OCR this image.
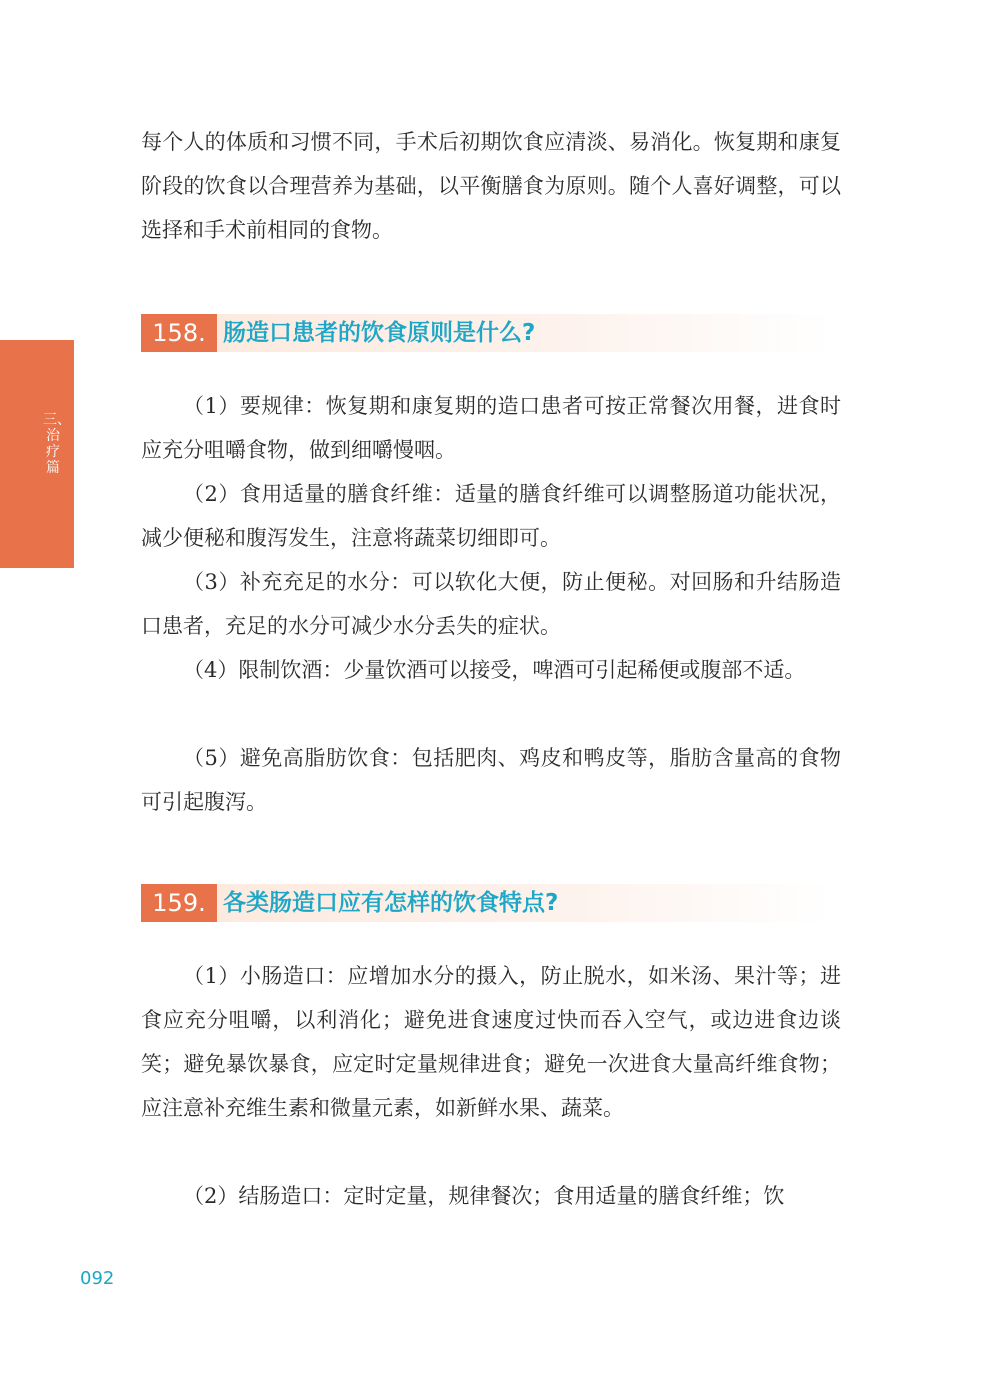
三、治疗篇

每个人的体质和习惯不同，手术后初期饮食应清淡、易消化。恢复期和康复阶段的饮食以合理营养为基础，以平衡膳食为原则。随个人喜好调整，可以选择和手术前相同的食物。

158. 肠造口患者的饮食原则是什么?

（1）要规律：恢复期和康复期的造口患者可按正常餐次用餐，进食时应充分咀嚼食物，做到细嚼慢咽。

（2）食用适量的膳食纤维：适量的膳食纤维可以调整肠道功能状况，减少便秘和腹泻发生，注意将蔬菜切细即可。

（3）补充充足的水分：可以软化大便，防止便秘。对回肠和升结肠造口患者，充足的水分可减少水分丢失的症状。

（4）限制饮酒：少量饮酒可以接受，啤酒可引起稀便或腹部不适。

（5）避免高脂肪饮食：包括肥肉、鸡皮和鸭皮等，脂肪含量高的食物可引起腹泻。

159. 各类肠造口应有怎样的饮食特点?

（1）小肠造口：应增加水分的摄入，防止脱水，如米汤、果汁等；进食应充分咀嚼，以利消化；避免进食速度过快而吞入空气，或边进食边谈笑；避免暴饮暴食，应定时定量规律进食；避免一次进食大量高纤维食物；应注意补充维生素和微量元素，如新鲜水果、蔬菜。

（2）结肠造口：定时定量，规律餐次；食用适量的膳食纤维；饮

092
